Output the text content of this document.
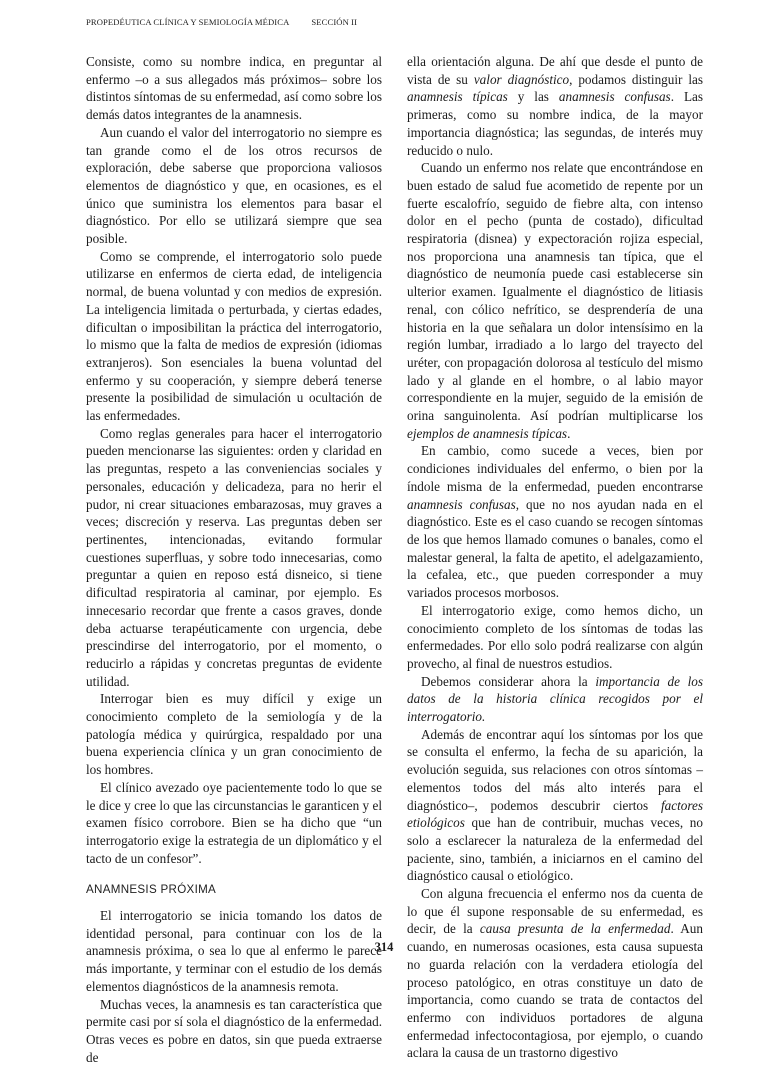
PROPEDÉUTICA CLÍNICA Y SEMIOLOGÍA MÉDICA	SECCIÓN II

Consiste, como su nombre indica, en preguntar al enfermo –o a sus allegados más próximos– sobre los distintos síntomas de su enfermedad, así como sobre los demás datos integrantes de la anamnesis.

Aun cuando el valor del interrogatorio no siempre es tan grande como el de los otros recursos de exploración, debe saberse que proporciona valiosos elementos de diagnóstico y que, en ocasiones, es el único que suministra los elementos para basar el diagnóstico. Por ello se utilizará siempre que sea posible.

Como se comprende, el interrogatorio solo puede utilizarse en enfermos de cierta edad, de inteligencia normal, de buena voluntad y con medios de expresión. La inteligencia limitada o perturbada, y ciertas edades, dificultan o imposibilitan la práctica del interrogatorio, lo mismo que la falta de medios de expresión (idiomas extranjeros). Son esenciales la buena voluntad del enfermo y su cooperación, y siempre deberá tenerse presente la posibilidad de simulación u ocultación de las enfermedades.

Como reglas generales para hacer el interrogatorio pueden mencionarse las siguientes: orden y claridad en las preguntas, respeto a las conveniencias sociales y personales, educación y delicadeza, para no herir el pudor, ni crear situaciones embarazosas, muy graves a veces; discreción y reserva. Las preguntas deben ser pertinentes, intencionadas, evitando formular cuestiones superfluas, y sobre todo innecesarias, como preguntar a quien en reposo está disneico, si tiene dificultad respiratoria al caminar, por ejemplo. Es innecesario recordar que frente a casos graves, donde deba actuarse terapéuticamente con urgencia, debe prescindirse del interrogatorio, por el momento, o reducirlo a rápidas y concretas preguntas de evidente utilidad.

Interrogar bien es muy difícil y exige un conocimiento completo de la semiología y de la patología médica y quirúrgica, respaldado por una buena experiencia clínica y un gran conocimiento de los hombres.

El clínico avezado oye pacientemente todo lo que se le dice y cree lo que las circunstancias le garanticen y el examen físico corrobore. Bien se ha dicho que “un interrogatorio exige la estrategia de un diplomático y el tacto de un confesor”.

ANAMNESIS PRÓXIMA

El interrogatorio se inicia tomando los datos de identidad personal, para continuar con los de la anamnesis próxima, o sea lo que al enfermo le parece más importante, y terminar con el estudio de los demás elementos diagnósticos de la anamnesis remota.

Muchas veces, la anamnesis es tan característica que permite casi por sí sola el diagnóstico de la enfermedad. Otras veces es pobre en datos, sin que pueda extraerse de

ella orientación alguna. De ahí que desde el punto de vista de su valor diagnóstico, podamos distinguir las anamnesis típicas y las anamnesis confusas. Las primeras, como su nombre indica, de la mayor importancia diagnóstica; las segundas, de interés muy reducido o nulo.

Cuando un enfermo nos relate que encontrándose en buen estado de salud fue acometido de repente por un fuerte escalofrío, seguido de fiebre alta, con intenso dolor en el pecho (punta de costado), dificultad respiratoria (disnea) y expectoración rojiza especial, nos proporciona una anamnesis tan típica, que el diagnóstico de neumonía puede casi establecerse sin ulterior examen. Igualmente el diagnóstico de litiasis renal, con cólico nefrítico, se desprendería de una historia en la que señalara un dolor intensísimo en la región lumbar, irradiado a lo largo del trayecto del uréter, con propagación dolorosa al testículo del mismo lado y al glande en el hombre, o al labio mayor correspondiente en la mujer, seguido de la emisión de orina sanguinolenta. Así podrían multiplicarse los ejemplos de anamnesis típicas.

En cambio, como sucede a veces, bien por condiciones individuales del enfermo, o bien por la índole misma de la enfermedad, pueden encontrarse anamnesis confusas, que no nos ayudan nada en el diagnóstico. Este es el caso cuando se recogen síntomas de los que hemos llamado comunes o banales, como el malestar general, la falta de apetito, el adelgazamiento, la cefalea, etc., que pueden corresponder a muy variados procesos morbosos.

El interrogatorio exige, como hemos dicho, un conocimiento completo de los síntomas de todas las enfermedades. Por ello solo podrá realizarse con algún provecho, al final de nuestros estudios.

Debemos considerar ahora la importancia de los datos de la historia clínica recogidos por el interrogatorio.

Además de encontrar aquí los síntomas por los que se consulta el enfermo, la fecha de su aparición, la evolución seguida, sus relaciones con otros síntomas –elementos todos del más alto interés para el diagnóstico–, podemos descubrir ciertos factores etiológicos que han de contribuir, muchas veces, no solo a esclarecer la naturaleza de la enfermedad del paciente, sino, también, a iniciarnos en el camino del diagnóstico causal o etiológico.

Con alguna frecuencia el enfermo nos da cuenta de lo que él supone responsable de su enfermedad, es decir, de la causa presunta de la enfermedad. Aun cuando, en numerosas ocasiones, esta causa supuesta no guarda relación con la verdadera etiología del proceso patológico, en otras constituye un dato de importancia, como cuando se trata de contactos del enfermo con individuos portadores de alguna enfermedad infectocontagiosa, por ejemplo, o cuando aclara la causa de un trastorno digestivo

314
